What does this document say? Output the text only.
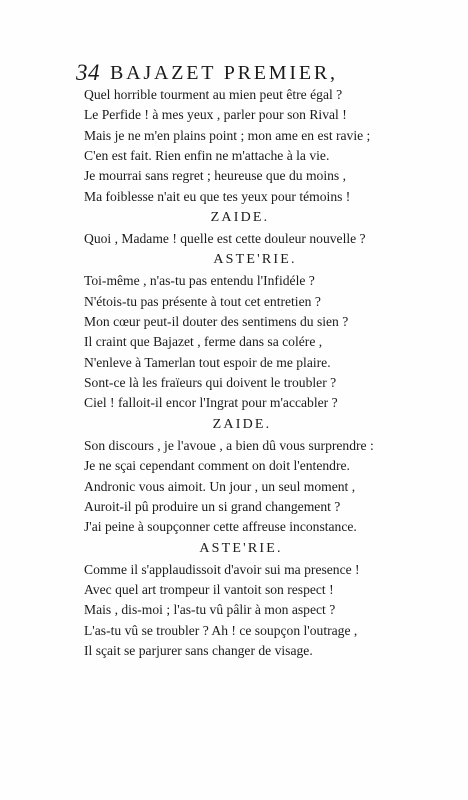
34 BAJAZET PREMIER,
Quel horrible tourment au mien peut être égal ?
Le Perfide ! à mes yeux , parler pour son Rival !
Mais je ne m'en plains point ; mon ame en est ravie ;
C'en est fait. Rien enfin ne m'attache à la vie.
Je mourrai sans regret ; heureuse que du moins ,
Ma foiblesse n'ait eu que tes yeux pour témoins !
ZAIDE.
Quoi , Madame ! quelle est cette douleur nouvelle ?
ASTE'RIE.
Toi-même , n'as-tu pas entendu l'Infidéle ?
N'étois-tu pas présente à tout cet entretien ?
Mon cœur peut-il douter des sentimens du sien ?
Il craint que Bajazet , ferme dans sa colére ,
N'enleve à Tamerlan tout espoir de me plaire.
Sont-ce là les fraïeurs qui doivent le troubler ?
Ciel ! falloit-il encor l'Ingrat pour m'accabler ?
ZAIDE.
Son discours , je l'avoue , a bien dû vous surprendre :
Je ne sçai cependant comment on doit l'entendre.
Andronic vous aimoit. Un jour , un seul moment ,
Auroit-il pû produire un si grand changement ?
J'ai peine à soupçonner cette affreuse inconstance.
ASTE'RIE.
Comme il s'applaudissoit d'avoir sui ma presence !
Avec quel art trompeur il vantoit son respect !
Mais , dis-moi ; l'as-tu vû pâlir à mon aspect ?
L'as-tu vû se troubler ? Ah ! ce soupçon l'outrage ,
Il sçait se parjurer sans changer de visage.
